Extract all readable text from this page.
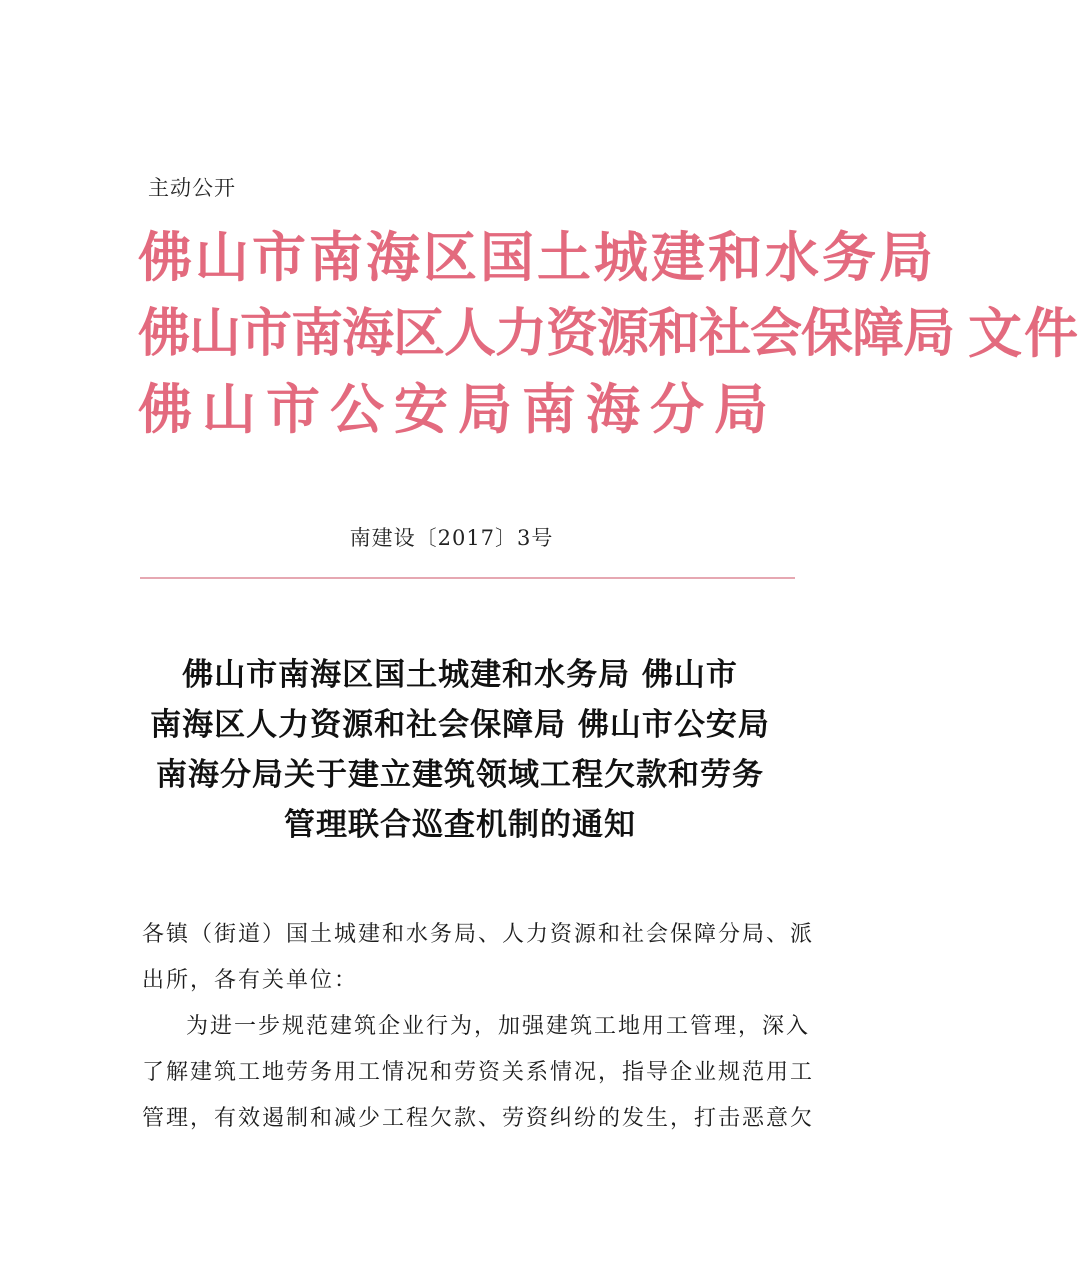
主动公开
佛山市南海区国土城建和水务局
佛山市南海区人力资源和社会保障局 文件
佛山市公安局南海分局
南建设〔2017〕3号
佛山市南海区国土城建和水务局 佛山市
南海区人力资源和社会保障局 佛山市公安局
南海分局关于建立建筑领域工程欠款和劳务
管理联合巡查机制的通知
各镇（街道）国土城建和水务局、人力资源和社会保障分局、派
出所，各有关单位：
为进一步规范建筑企业行为，加强建筑工地用工管理，深入
了解建筑工地劳务用工情况和劳资关系情况，指导企业规范用工
管理，有效遏制和减少工程欠款、劳资纠纷的发生，打击恶意欠
